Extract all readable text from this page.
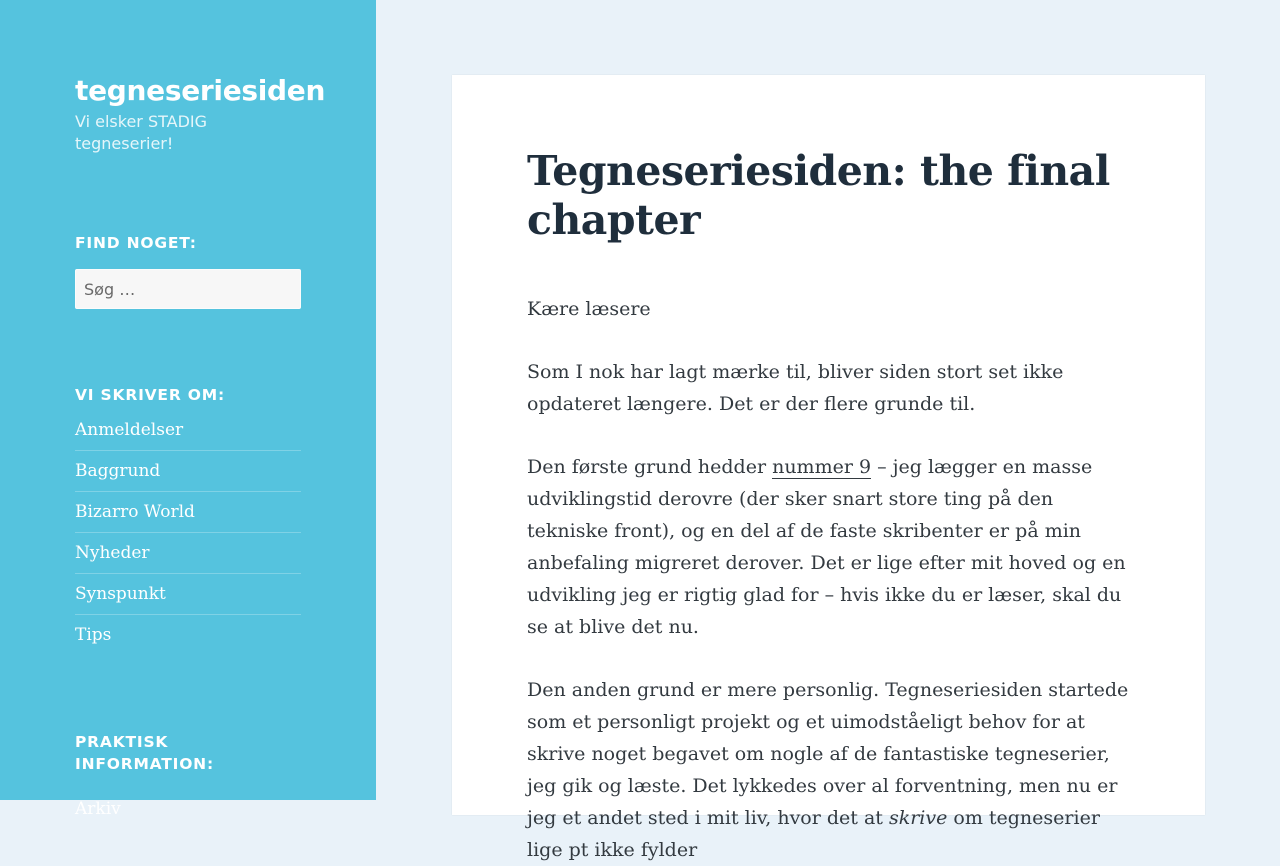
tegneseriesiden
Vi elsker STADIG tegneserier!
FIND NOGET:
Søg …
VI SKRIVER OM:
Anmeldelser
Baggrund
Bizarro World
Nyheder
Synspunkt
Tips
PRAKTISK INFORMATION:
Arkiv
Tegneseriesiden: the final chapter

Kære læsere

Som I nok har lagt mærke til, bliver siden stort set ikke opdateret længere. Det er der flere grunde til.

Den første grund hedder nummer 9 – jeg lægger en masse udviklingstid derovre (der sker snart store ting på den tekniske front), og en del af de faste skribenter er på min anbefaling migreret derover. Det er lige efter mit hoved og en udvikling jeg er rigtig glad for – hvis ikke du er læser, skal du se at blive det nu.

Den anden grund er mere personlig. Tegneseriesiden startede som et personligt projekt og et uimodståeligt behov for at skrive noget begavet om nogle af de fantastiske tegneserier, jeg gik og læste. Det lykkedes over al forventning, men nu er jeg et andet sted i mit liv, hvor det at skrive om tegneserier lige pt ikke fylder
